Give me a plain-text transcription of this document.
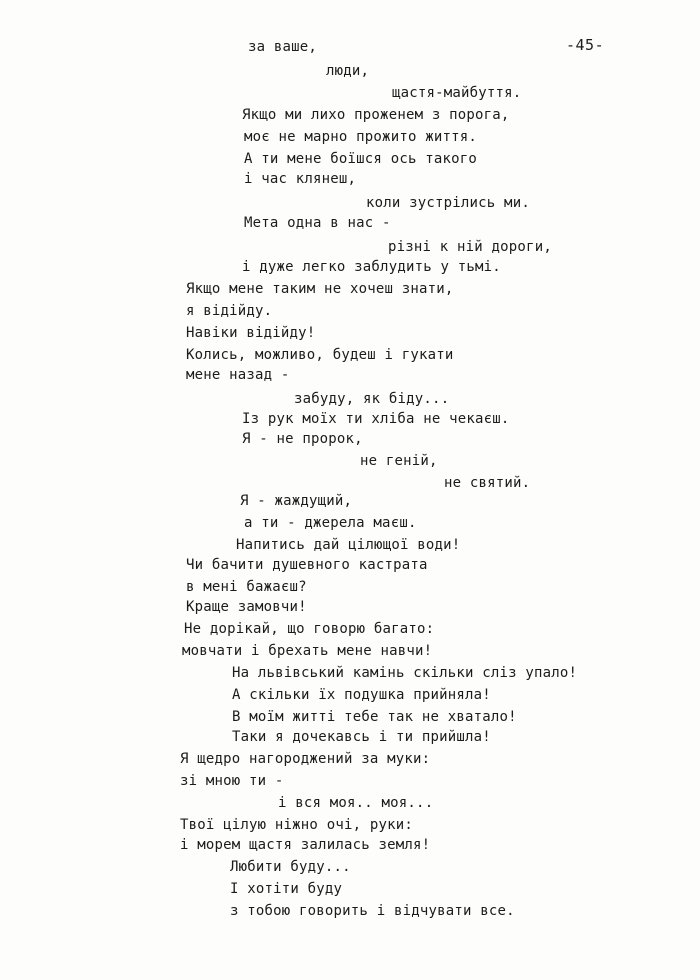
-45-
за ваше,
люди,
щастя-майбуття.
Якщо ми лихо проженем з порога,
моє не марно прожито життя.
А ти мене боїшся ось такого
і час клянеш,
коли зустрілись ми.
Мета одна в нас -
різні к ній дороги,
і дуже легко заблудить у тьмі.
Якщо мене таким не хочеш знати,
я відійду.
Навіки відійду!
Колись, можливо, будеш і гукати
мене назад -
забуду, як біду...
Із рук моїх ти хліба не чекаєш.
Я - не пророк,
не геній,
не святий.
Я - жаждущий,
а ти - джерела маєш.
Напитись дай цілющої води!
Чи бачити душевного кастрата
в мені бажаєш?
Краще замовчи!
Не дорікай, що говорю багато:
мовчати і брехать мене навчи!
На львівський камінь скільки сліз упало!
А скільки їх подушка прийняла!
В моїм житті тебе так не хватало!
Таки я дочекавсь і ти прийшла!
Я щедро нагороджений за муки:
зі мною ти -
і вся моя.. моя...
Твої цілую ніжно очі, руки:
і морем щастя залилась земля!
Любити буду...
І хотіти буду
з тобою говорить і відчувати все.
